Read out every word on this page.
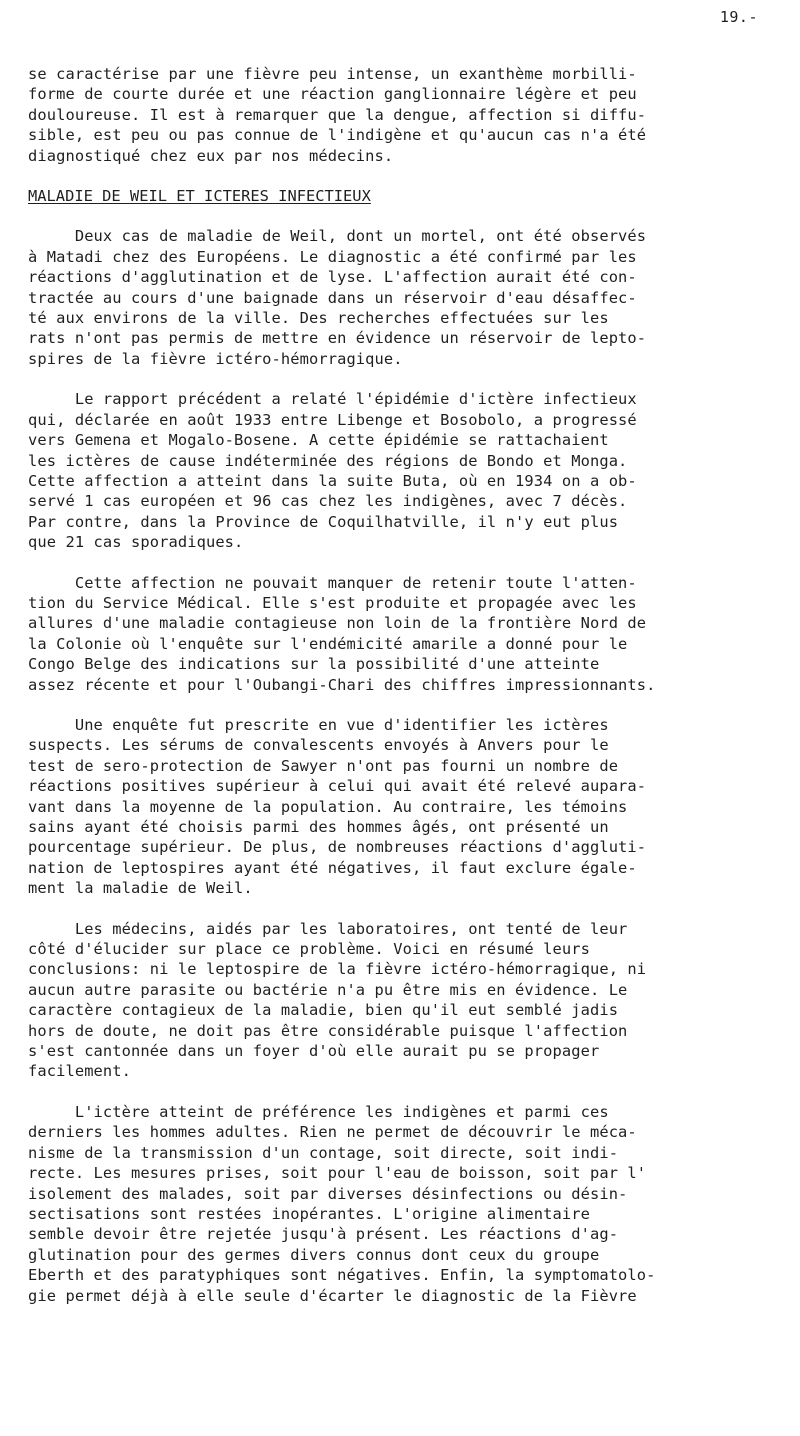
19.-
se caractérise par une fièvre peu intense, un exanthème morbilli-
forme de courte durée et une réaction ganglionnaire légère et peu
douloureuse. Il est à remarquer que la dengue, affection si diffu-
sible, est peu ou pas connue de l'indigène et qu'aucun cas n'a été
diagnostiqué chez eux par nos médecins.
MALADIE DE WEIL ET ICTERES INFECTIEUX
Deux cas de maladie de Weil, dont un mortel, ont été observés
à Matadi chez des Européens. Le diagnostic a été confirmé par les
réactions d'agglutination et de lyse. L'affection aurait été con-
tractée au cours d'une baignade dans un réservoir d'eau désaffec-
té aux environs de la ville. Des recherches effectuées sur les
rats n'ont pas permis de mettre en évidence un réservoir de lepto-
spires de la fièvre ictéro-hémorragique.
Le rapport précédent a relaté l'épidémie d'ictère infectieux
qui, déclarée en août 1933 entre Libenge et Bosobolo, a progressé
vers Gemena et Mogalo-Bosene. A cette épidémie se rattachaient
les ictères de cause indéterminée des régions de Bondo et Monga.
Cette affection a atteint dans la suite Buta, où en 1934 on a ob-
servé 1 cas européen et 96 cas chez les indigènes, avec 7 décès.
Par contre, dans la Province de Coquilhatville, il n'y eut plus
que 21 cas sporadiques.
Cette affection ne pouvait manquer de retenir toute l'atten-
tion du Service Médical. Elle s'est produite et propagée avec les
allures d'une maladie contagieuse non loin de la frontière Nord de
la Colonie où l'enquête sur l'endémicité amarile a donné pour le
Congo Belge des indications sur la possibilité d'une atteinte
assez récente et pour l'Oubangi-Chari des chiffres impressionnants.
Une enquête fut prescrite en vue d'identifier les ictères
suspects. Les sérums de convalescents envoyés à Anvers pour le
test de sero-protection de Sawyer n'ont pas fourni un nombre de
réactions positives supérieur à celui qui avait été relevé aupara-
vant dans la moyenne de la population. Au contraire, les témoins
sains ayant été choisis parmi des hommes âgés, ont présenté un
pourcentage supérieur. De plus, de nombreuses réactions d'aggluti-
nation de leptospires ayant été négatives, il faut exclure égale-
ment la maladie de Weil.
Les médecins, aidés par les laboratoires, ont tenté de leur
côté d'élucider sur place ce problème. Voici en résumé leurs
conclusions: ni le leptospire de la fièvre ictéro-hémorragique, ni
aucun autre parasite ou bactérie n'a pu être mis en évidence. Le
caractère contagieux de la maladie, bien qu'il eut semblé jadis
hors de doute, ne doit pas être considérable puisque l'affection
s'est cantonnée dans un foyer d'où elle aurait pu se propager
facilement.
L'ictère atteint de préférence les indigènes et parmi ces
derniers les hommes adultes. Rien ne permet de découvrir le méca-
nisme de la transmission d'un contage, soit directe, soit indi-
recte. Les mesures prises, soit pour l'eau de boisson, soit par l'
isolement des malades, soit par diverses désinfections ou désin-
sectisations sont restées inopérantes. L'origine alimentaire
semble devoir être rejetée jusqu'à présent. Les réactions d'ag-
glutination pour des germes divers connus dont ceux du groupe
Eberth et des paratyphiques sont négatives. Enfin, la symptomatolo-
gie permet déjà à elle seule d'écarter le diagnostic de la Fièvre
